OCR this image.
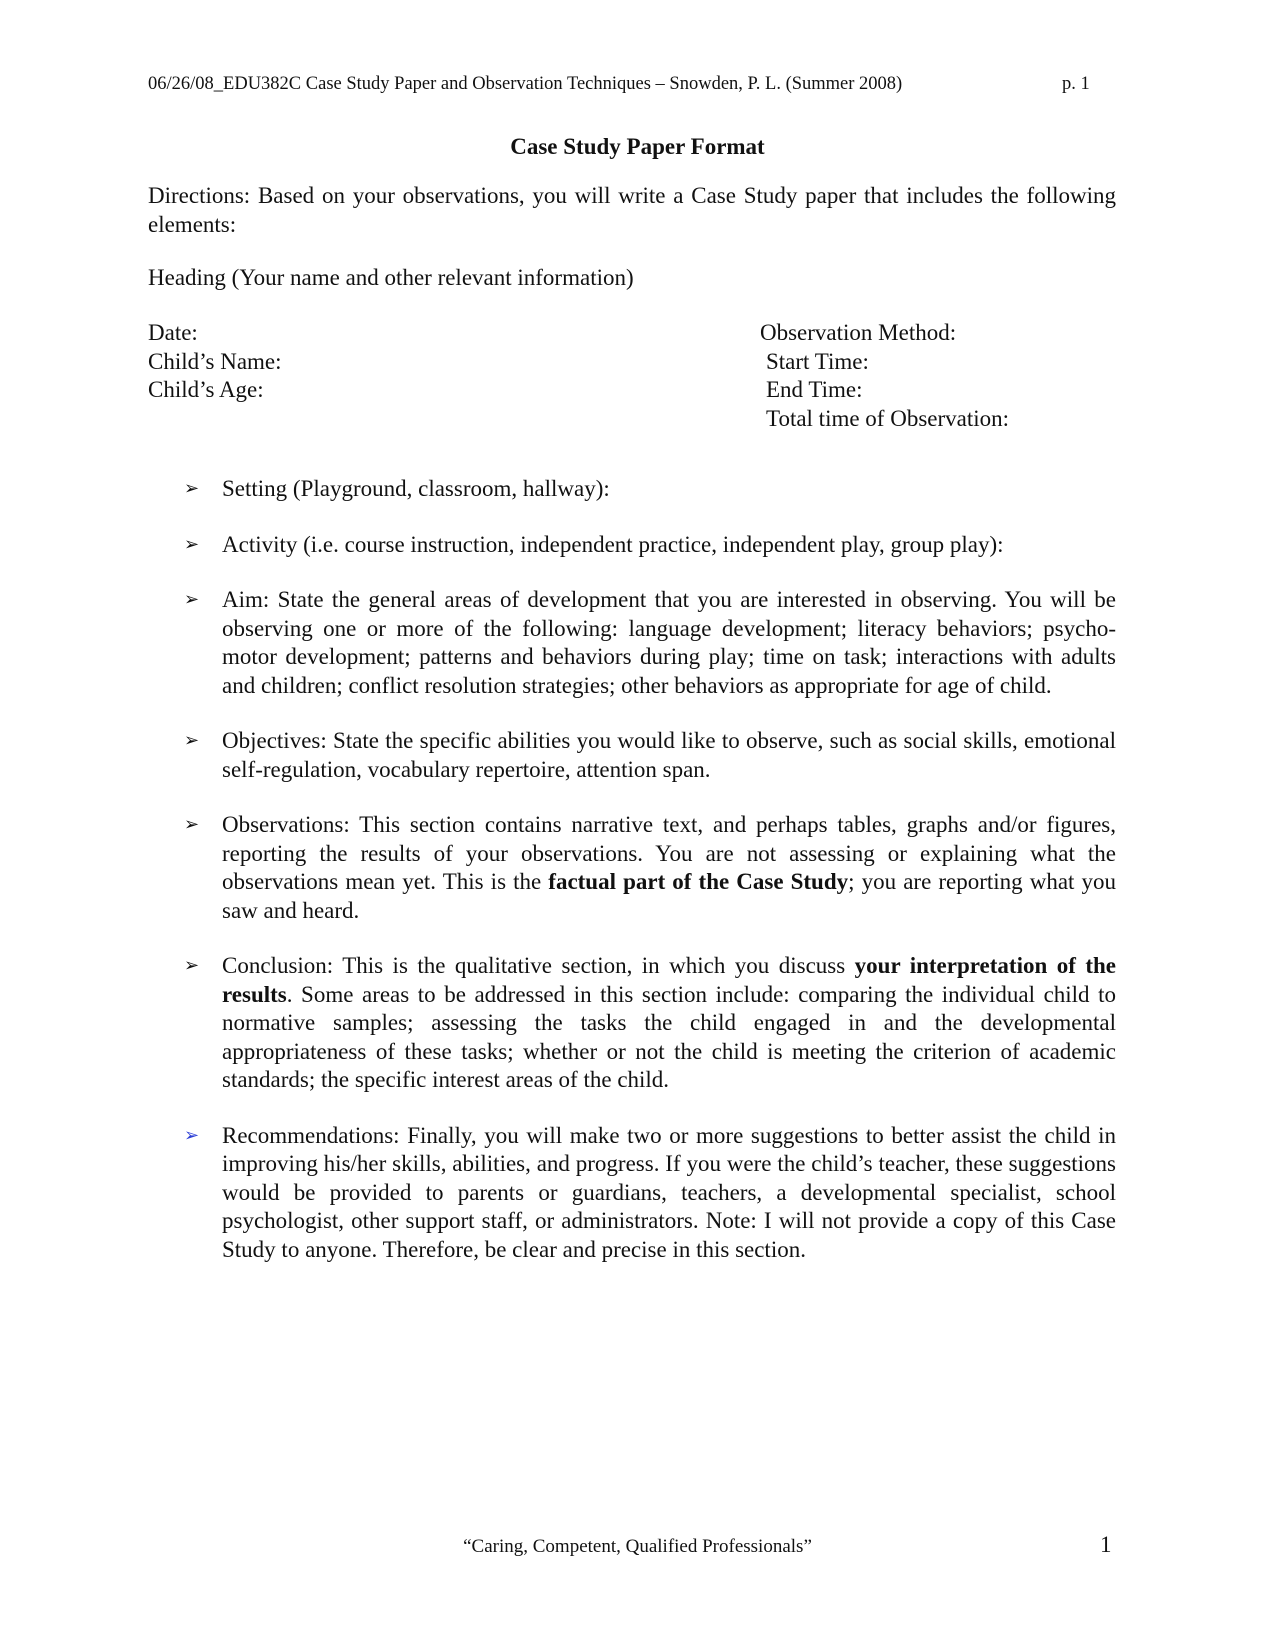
06/26/08_EDU382C Case Study Paper and Observation Techniques – Snowden, P. L. (Summer 2008)	p. 1
Case Study Paper Format
Directions: Based on your observations, you will write a Case Study paper that includes the following elements:
Heading (Your name and other relevant information)
Date:
Child’s Name:
Child’s Age:
Observation Method:
Start Time:
End Time:
Total time of Observation:
➢ Setting (Playground, classroom, hallway):
➢ Activity (i.e. course instruction, independent practice, independent play, group play):
➢ Aim: State the general areas of development that you are interested in observing. You will be observing one or more of the following: language development; literacy behaviors; psycho-motor development; patterns and behaviors during play; time on task; interactions with adults and children; conflict resolution strategies; other behaviors as appropriate for age of child.
➢ Objectives: State the specific abilities you would like to observe, such as social skills, emotional self-regulation, vocabulary repertoire, attention span.
➢ Observations: This section contains narrative text, and perhaps tables, graphs and/or figures, reporting the results of your observations. You are not assessing or explaining what the observations mean yet. This is the factual part of the Case Study; you are reporting what you saw and heard.
➢ Conclusion: This is the qualitative section, in which you discuss your interpretation of the results. Some areas to be addressed in this section include: comparing the individual child to normative samples; assessing the tasks the child engaged in and the developmental appropriateness of these tasks; whether or not the child is meeting the criterion of academic standards; the specific interest areas of the child.
➢ Recommendations: Finally, you will make two or more suggestions to better assist the child in improving his/her skills, abilities, and progress. If you were the child’s teacher, these suggestions would be provided to parents or guardians, teachers, a developmental specialist, school psychologist, other support staff, or administrators. Note: I will not provide a copy of this Case Study to anyone. Therefore, be clear and precise in this section.
“Caring, Competent, Qualified Professionals”	1
